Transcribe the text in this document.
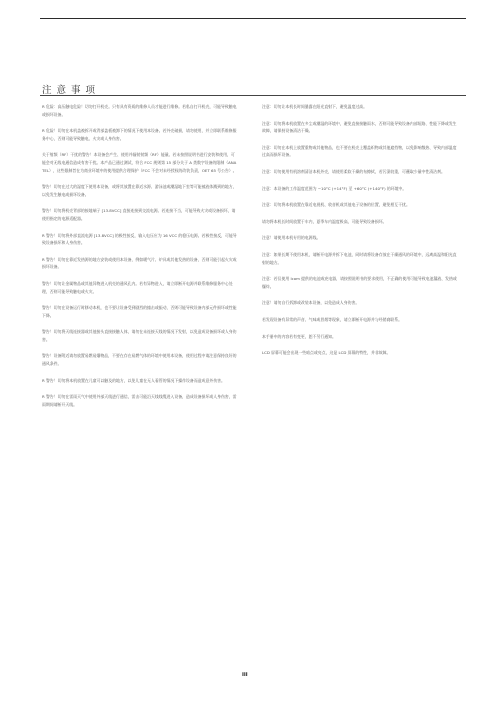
注 意 事 项

R 危险：高压触电危险！切勿打开机壳。只有具有资质的维修人员才能进行维修。若私自打开机壳，可能导致触电或损坏设备。

R 危险！切勿在本机盖被拆开或背部盖板被卸下的情况下使用本设备。若外壳破损，请勿使用，并立即联系维修服务中心，否则可能导致触电、火灾或人身伤害。

关于射频（RF）干扰的警告！本设备会产生、使用并辐射射频（RF）能量。若未按照说明书进行安装和使用，可能会对无线电通信造成有害干扰。本产品已通过测试，符合 FCC 规则第 15 部分关于 A 类数字设备的限制（ANATEL），这些限制旨在为商业环境中的使用提供合理保护（FCC 不会对未经授权的改装负责，OET 65 号公告）。

警告！切勿在过大的湿度下使用本设备，或将其放置在靠近水源、游泳池或潮湿地下室等可能被液体溅到的地方，以免发生触电或损坏设备。

警告！切勿将机壳背部的接地端子 [13.8VCC] 直接连接到交流电源。若连接不当，可能导致火灾或设备损坏，请使用指定的电源适配器。

R 警告！切勿将外部直流电源 [13.8VCC] 的极性接反，输入电压应为 16 VCC 的稳压电源。若极性接反，可能导致设备损坏和人身伤害。

R 警告！切勿在靠近发热源的地方安装或使用本设备，例如暖气片、炉具或其他发热的设备，否则可能引起火灾或损坏设备。

警告！切勿让金属物品或其他异物进入机壳的通风孔内。若有异物进入，请立即断开电源并联系维修服务中心处理，否则可能导致触电或火灾。

警告！切勿在设备运行时移动本机，也不要让设备受到剧烈的撞击或振动，否则可能导致设备内部元件损坏或性能下降。

警告！切勿将天线连接器或其他接头直接接触人体，请勿在未连接天线的情况下发射，以免造成设备损坏或人身伤害。

警告！设备附近请勿放置易燃易爆物品，不要在存在易燃气体的环境中使用本设备，使用过程中请注意保持良好的通风条件。

R 警告！切勿将本机放置在儿童可以触及的地方，以免儿童在无人看管的情况下操作设备而造成意外伤害。

R 警告！切勿在雷雨天气中使用外部天线进行通信，雷击可能沿天线线缆进入设备，造成设备损坏或人身伤害，雷雨期间请断开天线。

注意：切勿让本机长时间暴露在阳光直射下，避免温度过高。

注意：切勿将本机放置在多尘或潮湿的环境中，避免直接接触雨水，否则可能导致设备内部短路、性能下降或发生故障，请保持设备清洁干燥。

注意：切勿在本机上放置重物或其他物品，也不要在机壳上覆盖织物或其他遮挡物，以免影响散热、导致内部温度过高而损坏设备。

注意：切勿使用有机溶剂清洁本机外壳，请使用柔软干燥的布擦拭，若污渍较重，可蘸取少量中性清洁剂。

注意：本设备的工作温度范围为 −10°C (+14°F) 至 +60°C (+140°F) 的环境中。

注意：切勿将本机放置在靠近电视机、收音机或其他电子设备的位置，避免相互干扰。

请勿将本机长时间放置于车内，夏季车内温度极高，可能导致设备损坏。

注意！请使用本机专用的电源线。

注意：如果长期不使用本机，请断开电源并拆下电池，同时请将设备存放在干燥通风的环境中，远离高温和阳光直射的地方。

注意：若仅使用 Icom 提供的电池或充电器，请按照说明书的要求使用，不正确的使用可能导致电池漏液、发热或爆炸。

注意！请勿自行拆卸或改装本设备，以免造成人身伤害。

若发现设备有异常的声音、气味或冒烟等现象，请立即断开电源并与经销商联系。

本手册中的内容若有变更，恕不另行通知。

LCD 屏幕可能会出现一些暗点或亮点，这是 LCD 屏幕的特性，并非故障。

iii
